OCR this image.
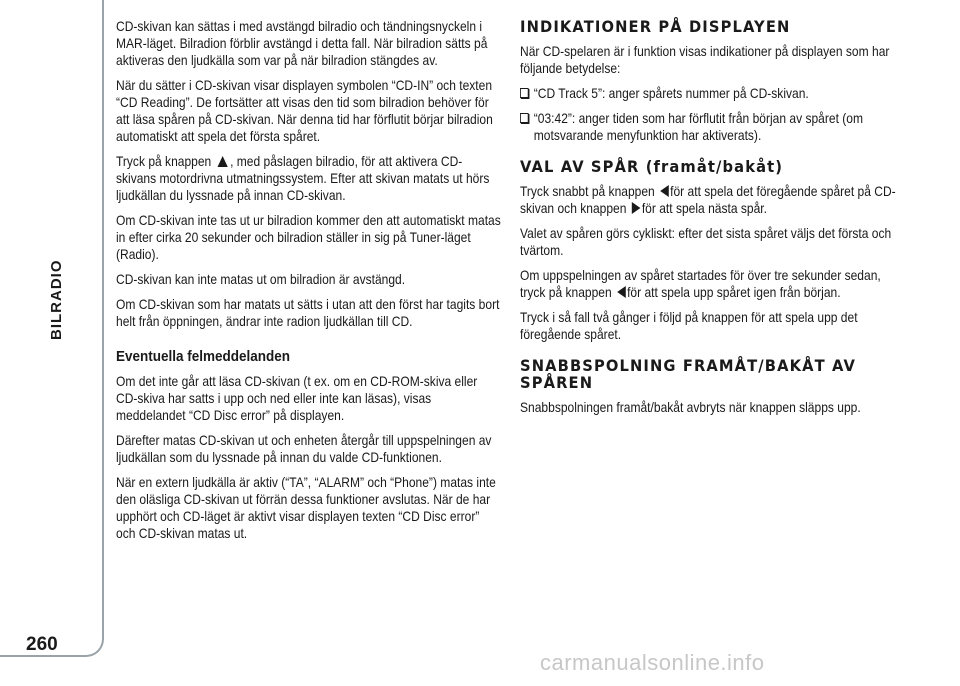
BILRADIO
260

CD-skivan kan sättas i med avstängd bilradio och tändningsnyckeln i MAR-läget. Bilradion förblir avstängd i detta fall. När bilradion sätts på aktiveras den ljudkälla som var på när bilradion stängdes av.

När du sätter i CD-skivan visar displayen symbolen “CD-IN” och texten “CD Reading”. De fortsätter att visas den tid som bilradion behöver för att läsa spåren på CD-skivan. När denna tid har förflutit börjar bilradion automatiskt att spela det första spåret.

Tryck på knappen , med påslagen bilradio, för att aktivera CD-skivans motordrivna utmatningssystem. Efter att skivan matats ut hörs ljudkällan du lyssnade på innan CD-skivan.

Om CD-skivan inte tas ut ur bilradion kommer den att automatiskt matas in efter cirka 20 sekunder och bilradion ställer in sig på Tuner-läget (Radio).

CD-skivan kan inte matas ut om bilradion är avstängd.

Om CD-skivan som har matats ut sätts i utan att den först har tagits bort helt från öppningen, ändrar inte radion ljudkällan till CD.

Eventuella felmeddelanden

Om det inte går att läsa CD-skivan (t ex. om en CD-ROM-skiva eller CD-skiva har satts i upp och ned eller inte kan läsas), visas meddelandet “CD Disc error” på displayen.

Därefter matas CD-skivan ut och enheten återgår till uppspelningen av ljudkällan som du lyssnade på innan du valde CD-funktionen.

När en extern ljudkälla är aktiv (“TA”, “ALARM” och “Phone”) matas inte den oläsliga CD-skivan ut förrän dessa funktioner avslutas. När de har upphört och CD-läget är aktivt visar displayen texten “CD Disc error” och CD-skivan matas ut.

INDIKATIONER PÅ DISPLAYEN

När CD-spelaren är i funktion visas indikationer på displayen som har följande betydelse:

“CD Track 5”: anger spårets nummer på CD-skivan.

“03:42”: anger tiden som har förflutit från början av spåret (om motsvarande menyfunktion har aktiverats).

VAL AV SPÅR (framåt/bakåt)

Tryck snabbt på knappen för att spela det föregående spåret på CD-skivan och knappen för att spela nästa spår.

Valet av spåren görs cykliskt: efter det sista spåret väljs det första och tvärtom.

Om uppspelningen av spåret startades för över tre sekunder sedan, tryck på knappen för att spela upp spåret igen från början.

Tryck i så fall två gånger i följd på knappen för att spela upp det föregående spåret.

SNABBSPOLNING FRAMÅT/BAKÅT AV SPÅREN

Snabbspolningen framåt/bakåt avbryts när knappen släpps upp.

carmanualsonline.info
